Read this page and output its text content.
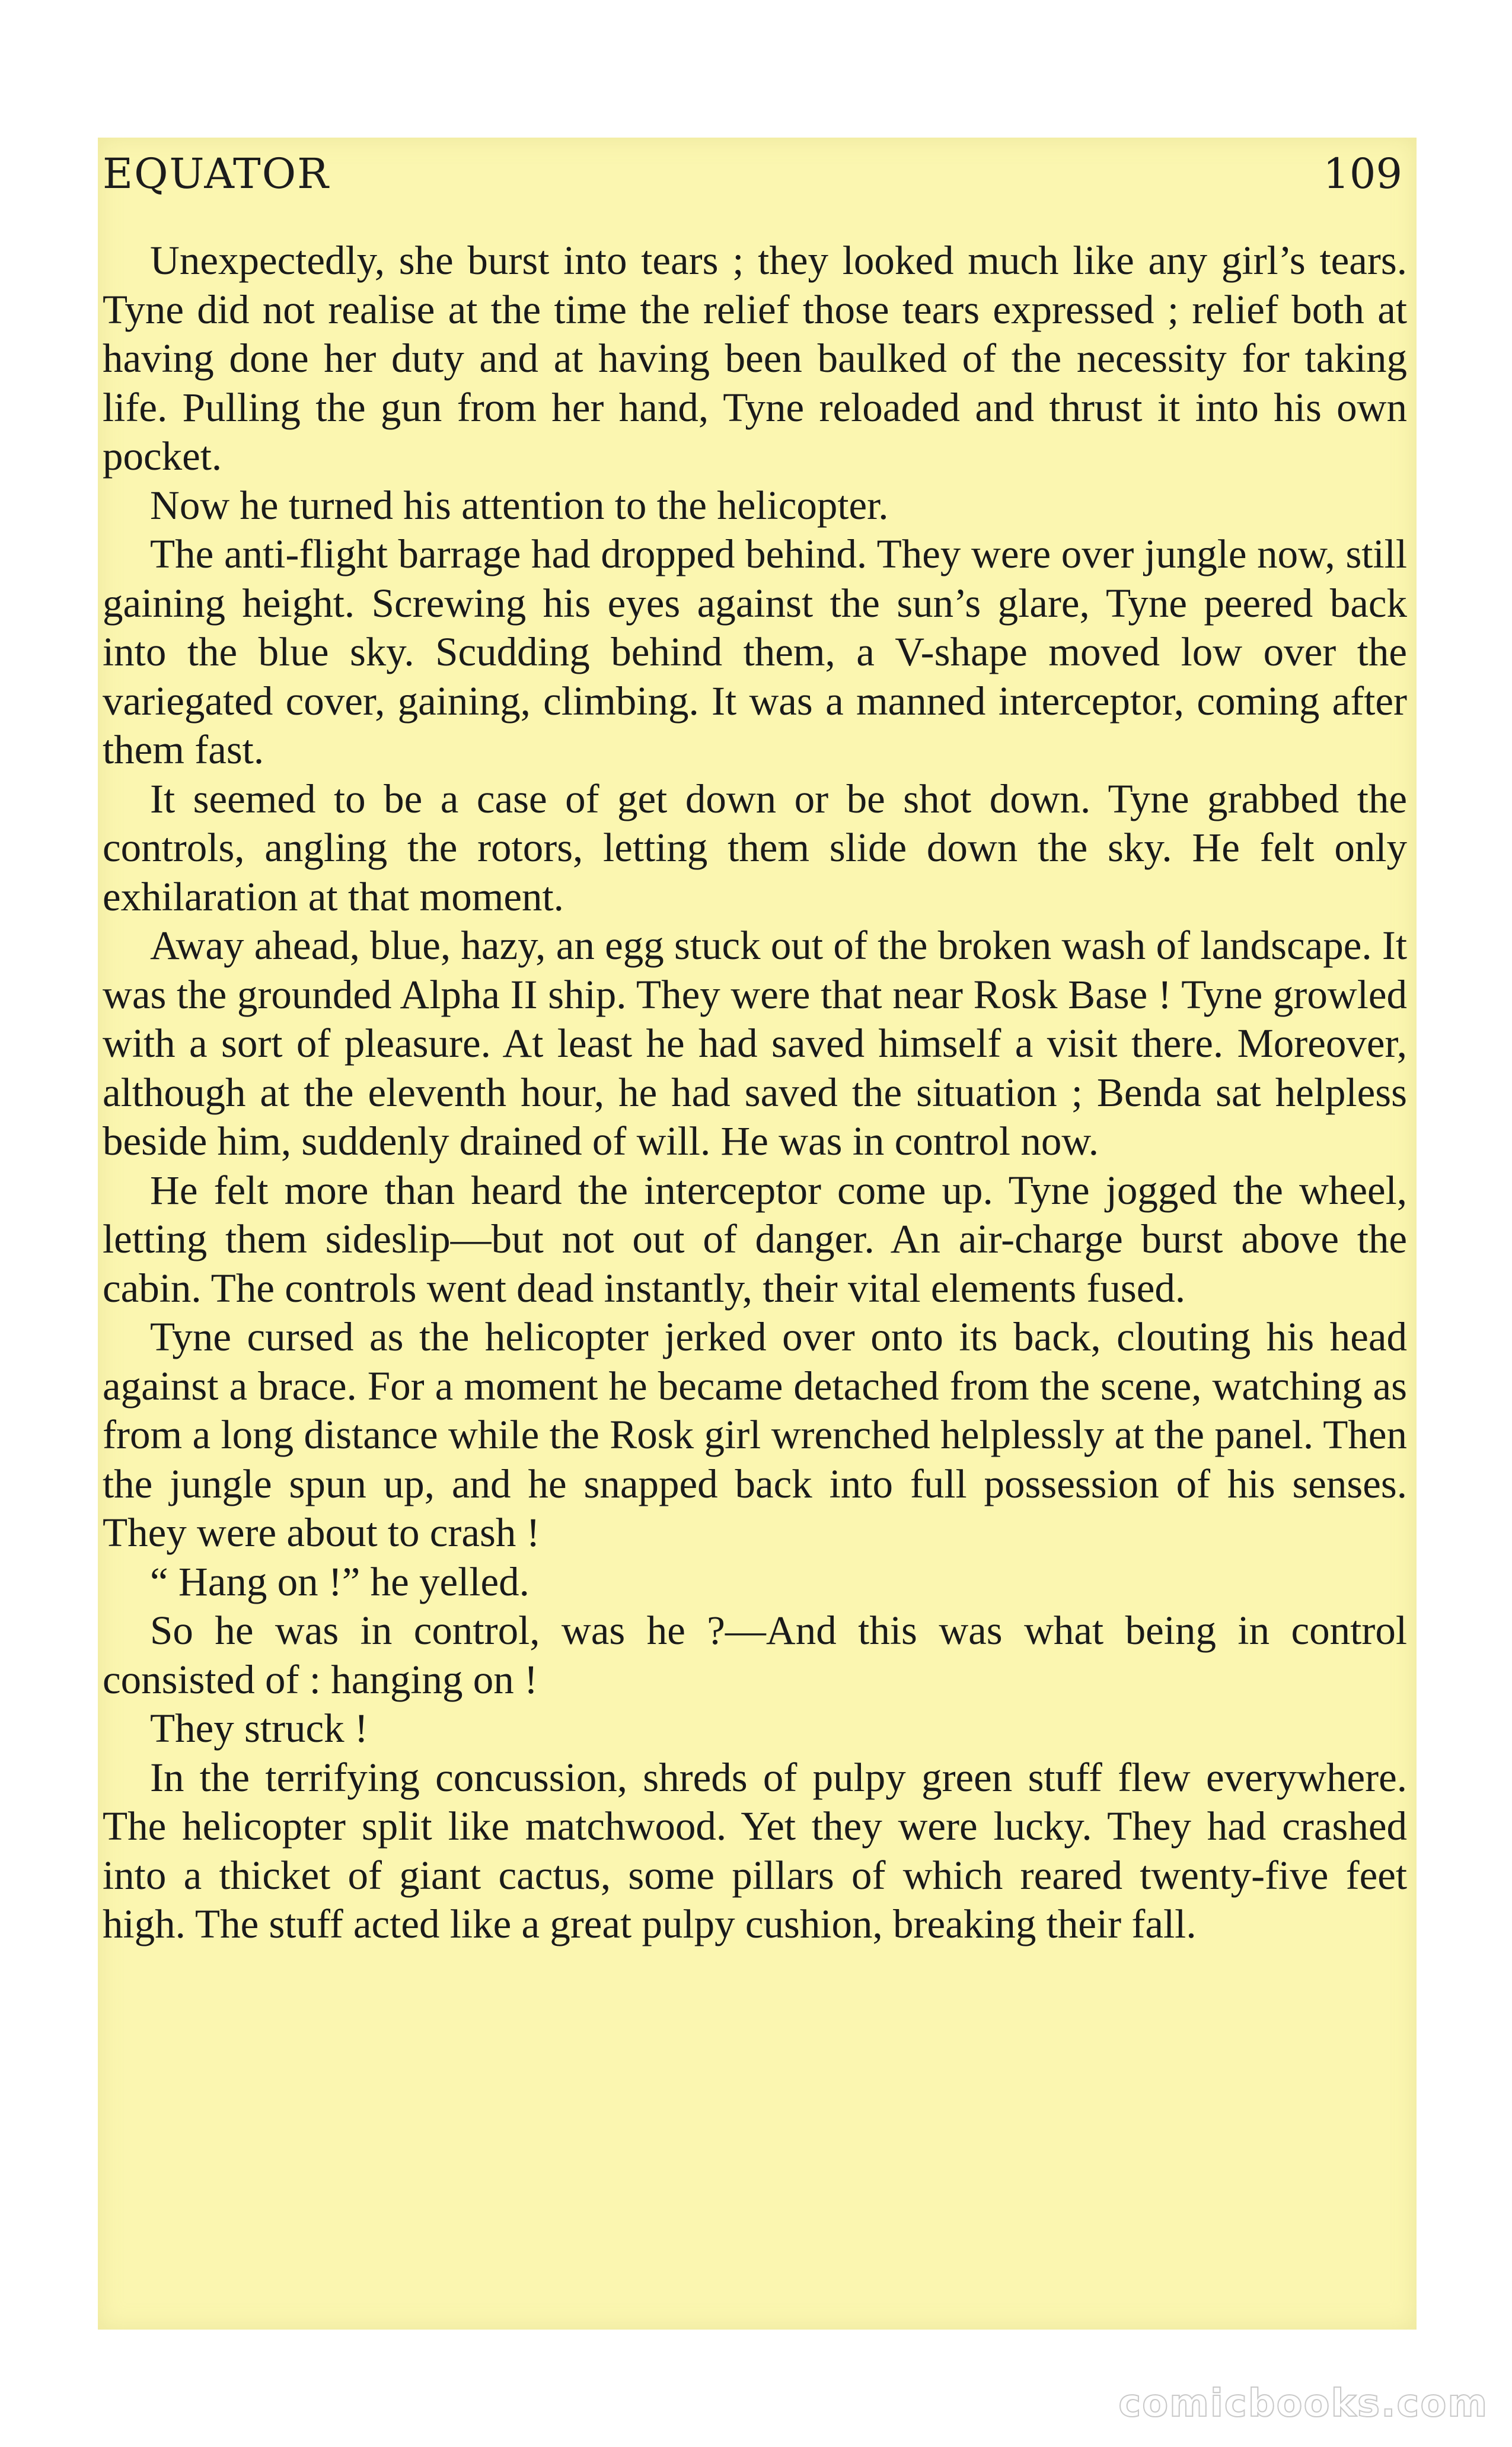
EQUATOR	109

Unexpectedly, she burst into tears ; they looked much like any girl’s tears. Tyne did not realise at the time the relief those tears expressed ; relief both at having done her duty and at having been baulked of the necessity for taking life. Pulling the gun from her hand, Tyne reloaded and thrust it into his own pocket.

Now he turned his attention to the helicopter.

The anti-flight barrage had dropped behind. They were over jungle now, still gaining height. Screwing his eyes against the sun’s glare, Tyne peered back into the blue sky. Scudding behind them, a V-shape moved low over the variegated cover, gaining, climbing. It was a manned interceptor, coming after them fast.

It seemed to be a case of get down or be shot down. Tyne grabbed the controls, angling the rotors, letting them slide down the sky. He felt only exhilaration at that moment.

Away ahead, blue, hazy, an egg stuck out of the broken wash of landscape. It was the grounded Alpha II ship. They were that near Rosk Base ! Tyne growled with a sort of pleasure. At least he had saved himself a visit there. Moreover, although at the eleventh hour, he had saved the situation ; Benda sat helpless beside him, suddenly drained of will. He was in control now.

He felt more than heard the interceptor come up. Tyne jogged the wheel, letting them sideslip—but not out of danger. An air-charge burst above the cabin. The controls went dead instantly, their vital elements fused.

Tyne cursed as the helicopter jerked over onto its back, clouting his head against a brace. For a moment he became detached from the scene, watching as from a long distance while the Rosk girl wrenched helplessly at the panel. Then the jungle spun up, and he snapped back into full possession of his senses. They were about to crash !

“ Hang on !” he yelled.

So he was in control, was he ?—And this was what being in control consisted of : hanging on !

They struck !

In the terrifying concussion, shreds of pulpy green stuff flew everywhere. The helicopter split like matchwood. Yet they were lucky. They had crashed into a thicket of giant cactus, some pillars of which reared twenty-five feet high. The stuff acted like a great pulpy cushion, breaking their fall.

comicbooks.com
